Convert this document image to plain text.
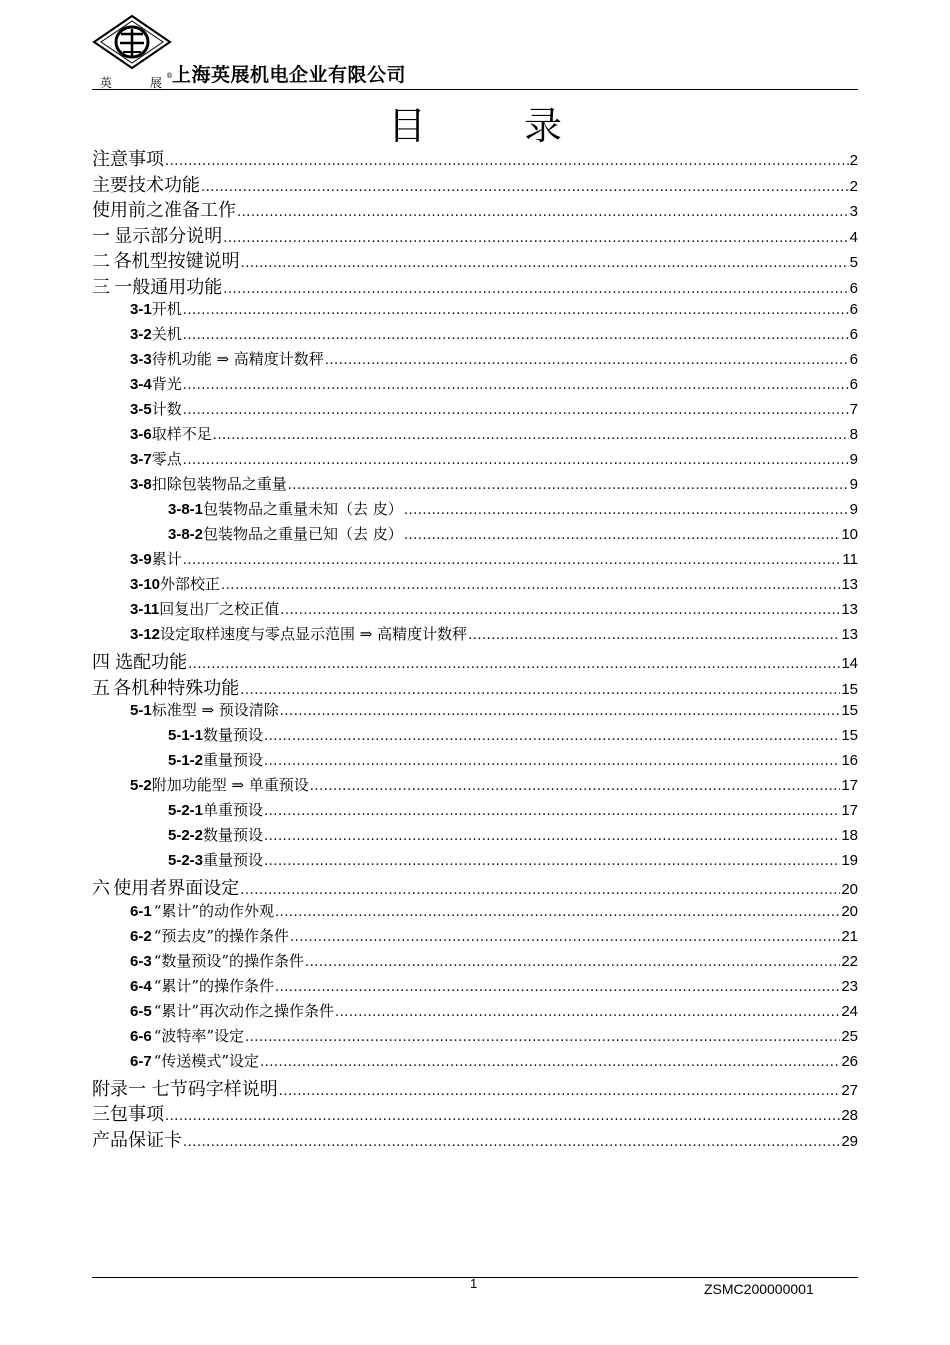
英	展 ® 上海英展机电企业有限公司
目录
注意事项 .....	2
主要技术功能 .....	2
使用前之准备工作 .....	3
一 显示部分说明 .....	4
二 各机型按键说明 .....	5
三 一般通用功能 .....	6
3-1 开机 .....	6
3-2 关机 .....	6
3-3 待机功能 ⇒ 高精度计数秤 .....	6
3-4 背光 .....	6
3-5 计数 .....	7
3-6 取样不足 .....	8
3-7 零点 .....	9
3-8 扣除包装物品之重量 .....	9
3-8-1 包装物品之重量未知（去 皮） .....	9
3-8-2 包装物品之重量已知（去 皮） .....	10
3-9 累计 .....	11
3-10 外部校正 .....	13
3-11 回复出厂之校正值 .....	13
3-12 设定取样速度与零点显示范围 ⇒ 高精度计数秤 .....	13
四 选配功能 .....	14
五 各机种特殊功能 .....	15
5-1 标准型 ⇒ 预设清除 .....	15
5-1-1 数量预设 .....	15
5-1-2 重量预设 .....	16
5-2 附加功能型 ⇒ 单重预设 .....	17
5-2-1 单重预设 .....	17
5-2-2 数量预设 .....	18
5-2-3 重量预设 .....	19
六 使用者界面设定 .....	20
6-1 “累计”的动作外观 .....	20
6-2 “预去皮”的操作条件 .....	21
6-3 “数量预设”的操作条件 .....	22
6-4 “累计”的操作条件 .....	23
6-5 “累计”再次动作之操作条件 .....	24
6-6 “波特率”设定 .....	25
6-7 “传送模式”设定 .....	26
附录一 七节码字样说明 .....	27
三包事项 .....	28
产品保证卡 .....	29
1	ZSMC200000001
